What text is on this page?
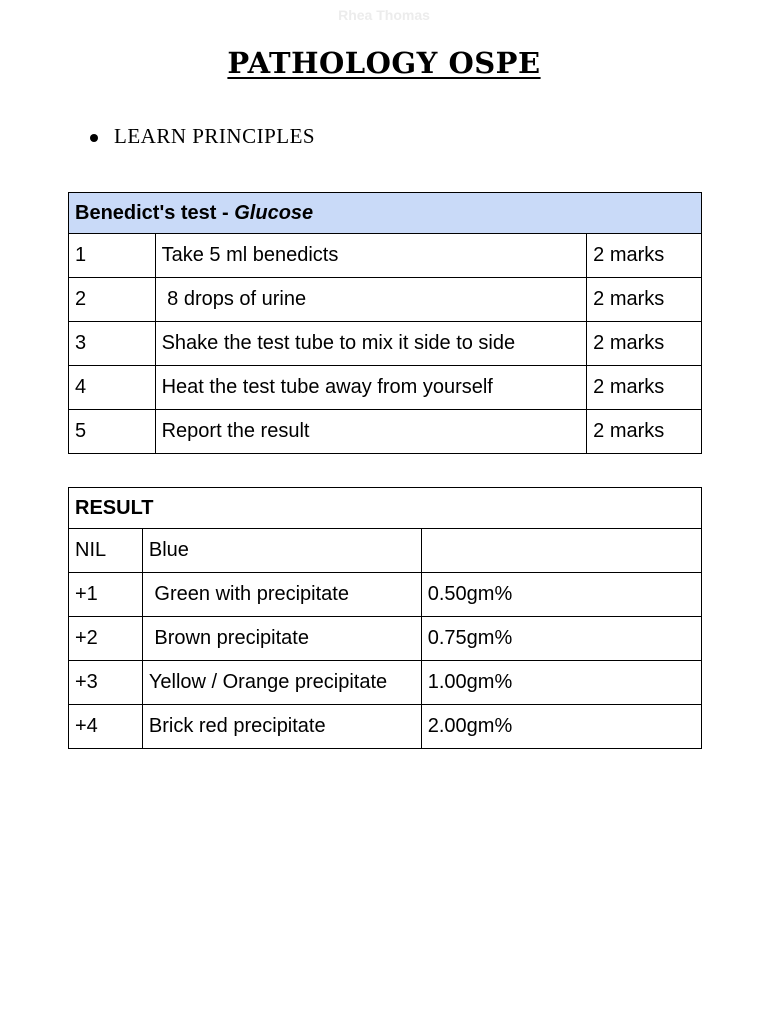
Rhea Thomas
PATHOLOGY OSPE
LEARN PRINCIPLES
Benedict's test - Glucose		
1	Take 5 ml benedicts	2 marks
2	8 drops of urine	2 marks
3	Shake the test tube to mix it side to side	2 marks
4	Heat the test tube away from yourself	2 marks
5	Report the result	2 marks
RESULT		
NIL	Blue	
+1	Green with precipitate	0.50gm%
+2	Brown precipitate	0.75gm%
+3	Yellow / Orange precipitate	1.00gm%
+4	Brick red precipitate	2.00gm%
